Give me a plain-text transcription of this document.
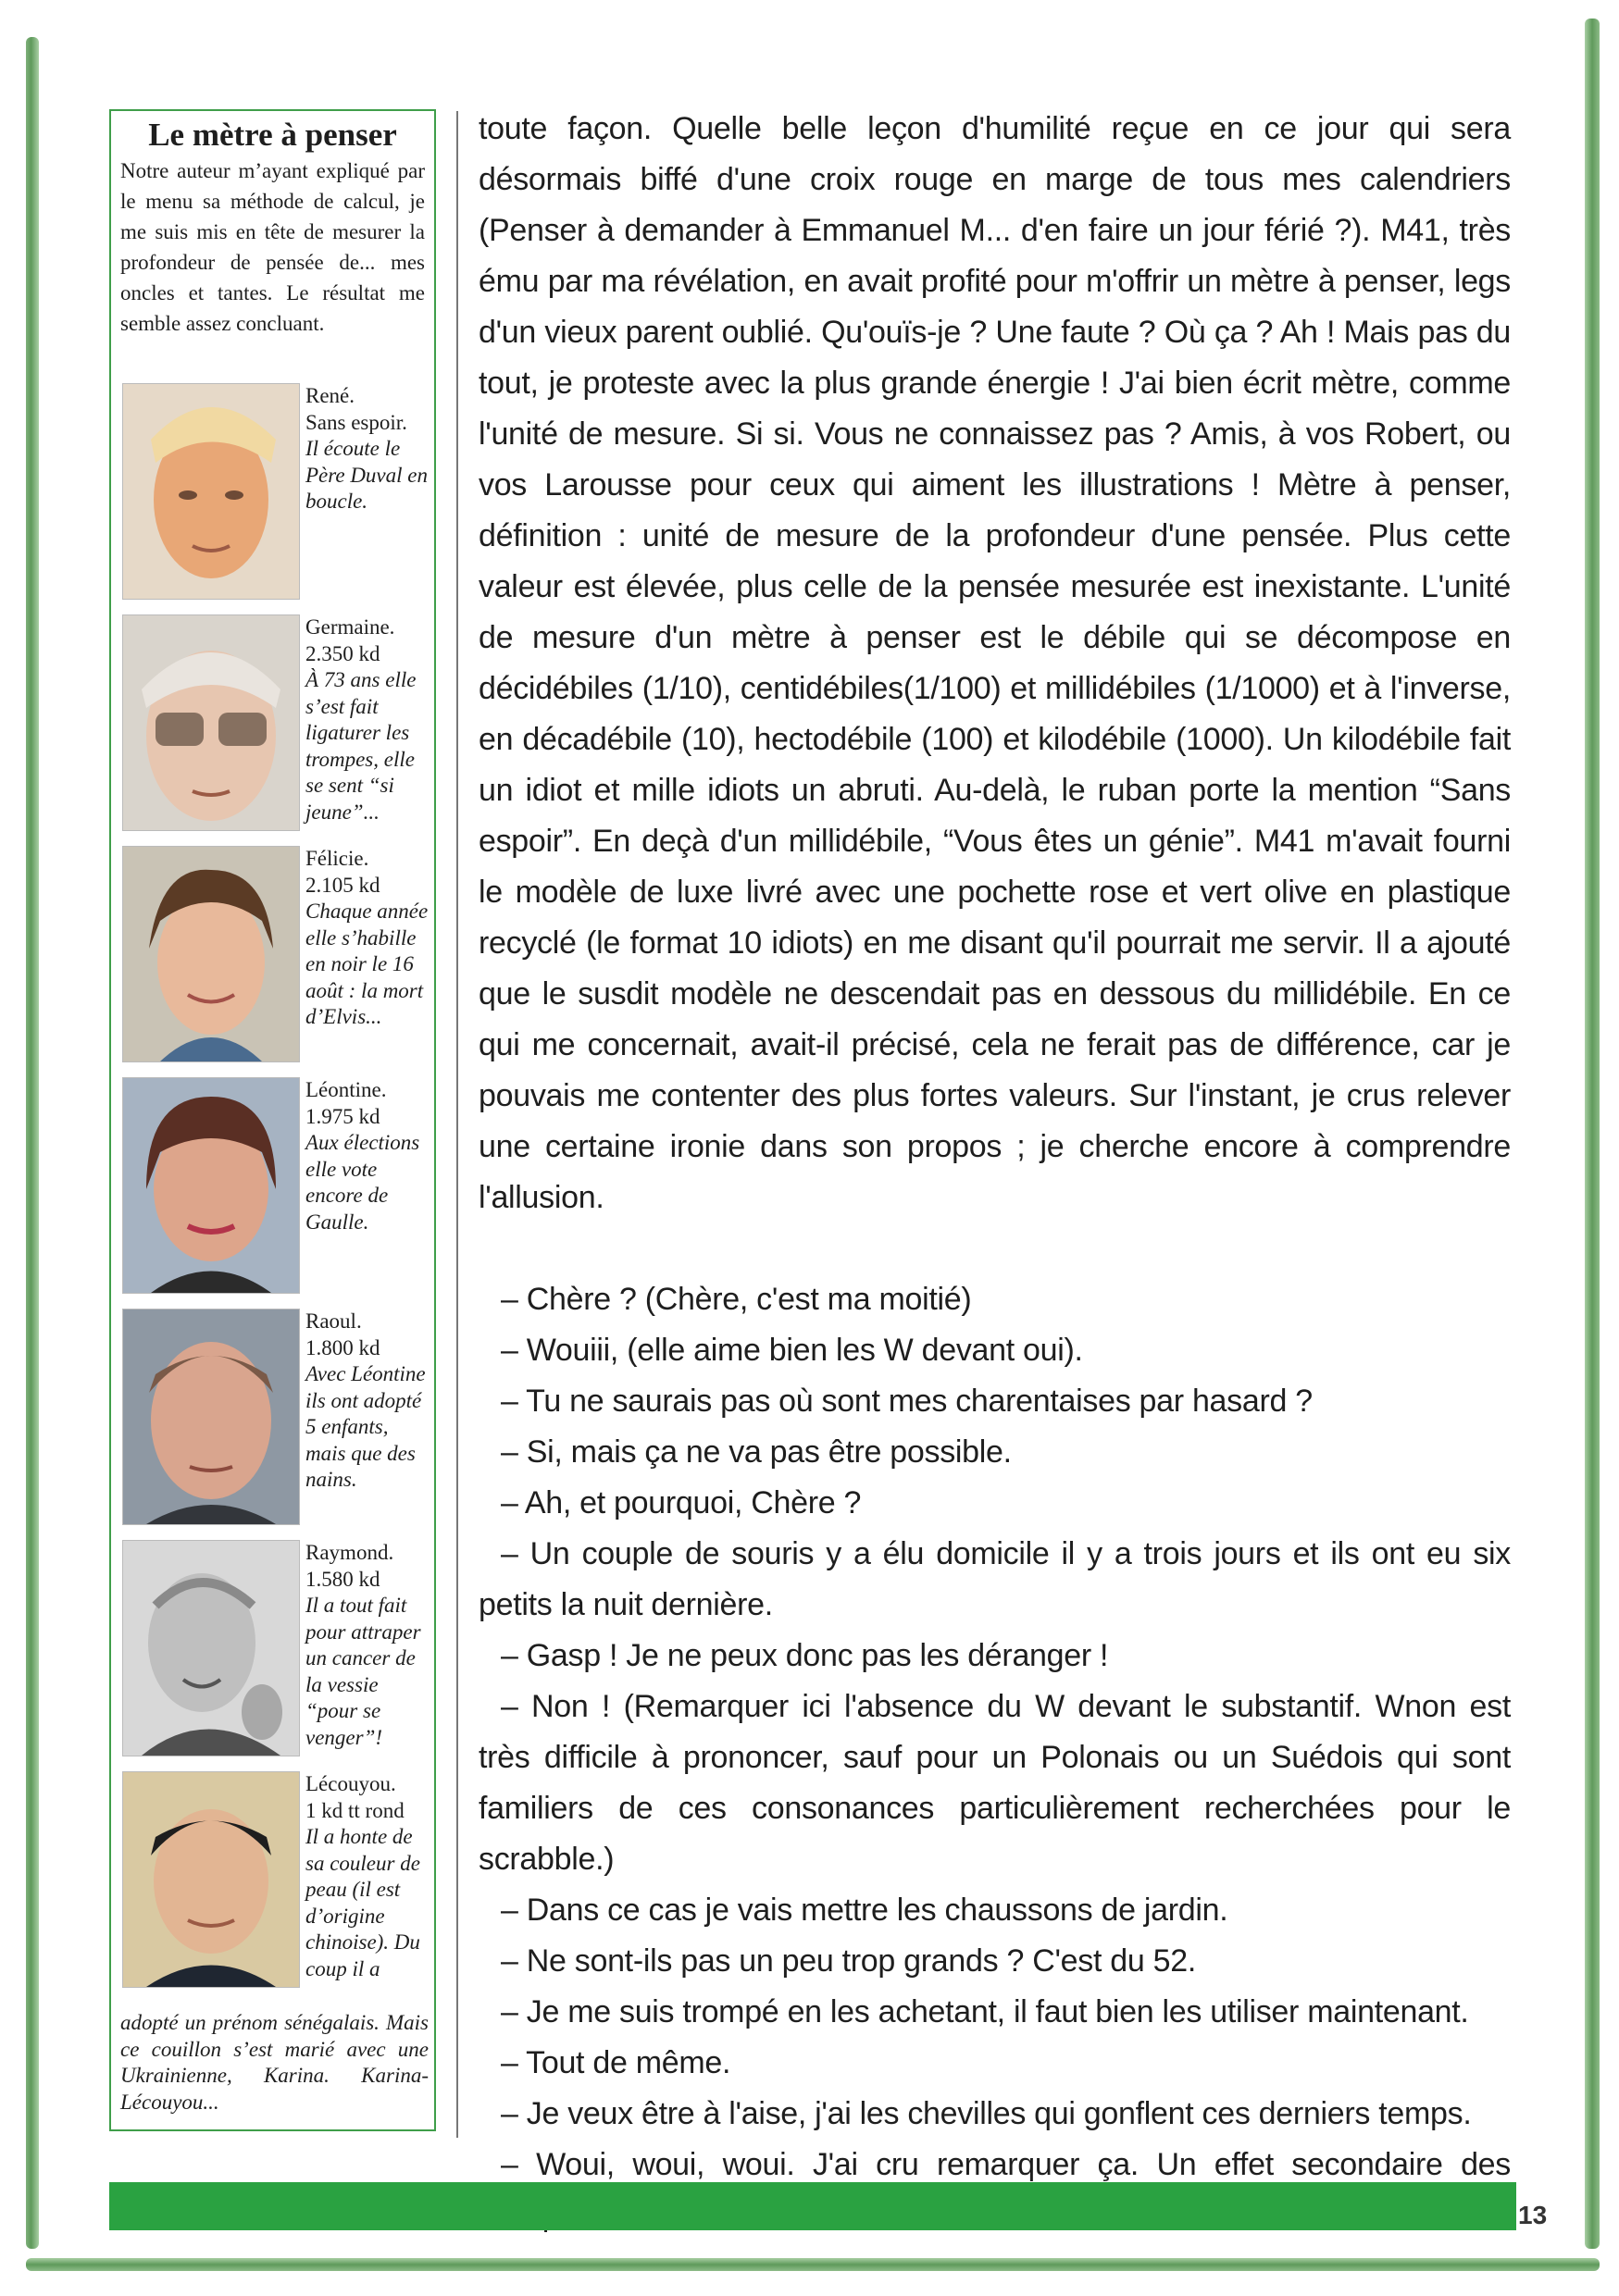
Le mètre à penser

Notre auteur m’ayant expliqué par le menu sa méthode de calcul, je me suis mis en tête de mesurer la profondeur de pensée de... mes oncles et tantes. Le résultat me semble assez concluant.

René.
Sans espoir.
Il écoute le Père Duval en boucle.
Germaine.
2.350 kd
À 73 ans elle s’est fait ligaturer les trompes, elle se sent “si jeune”...
Félicie.
2.105 kd
Chaque année elle s’habille en noir le 16 août : la mort d’Elvis...
Léontine.
1.975 kd
Aux élections elle vote encore de Gaulle.
Raoul.
1.800 kd
Avec Léontine ils ont adopté 5 enfants, mais que des nains.
Raymond.
1.580 kd
Il a tout fait pour attraper un cancer de la vessie “pour se venger”!
Lécouyou.
1 kd tt rond
Il a honte de sa couleur de peau (il est d’origine chinoise). Du coup il a
adopté un prénom sénégalais. Mais ce couillon s’est marié avec une Ukrainienne, Karina. Karina-Lécouyou...

toute façon. Quelle belle leçon d'humilité reçue en ce jour qui sera désormais biffé d'une croix rouge en marge de tous mes calendriers (Penser à demander à Emmanuel M... d'en faire un jour férié ?). M41, très ému par ma révélation, en avait profité pour m'offrir un mètre à penser, legs d'un vieux parent oublié. Qu'ouïs-je ? Une faute ? Où ça ? Ah ! Mais pas du tout, je proteste avec la plus grande énergie ! J'ai bien écrit mètre, comme l'unité de mesure. Si si. Vous ne connaissez pas ? Amis, à vos Robert, ou vos Larousse pour ceux qui aiment les illustrations ! Mètre à penser, définition : unité de mesure de la profondeur d'une pensée. Plus cette valeur est élevée, plus celle de la pensée mesurée est inexistante. L'unité de mesure d'un mètre à penser est le débile qui se décompose en décidébiles (1/10), centidébiles(1/100) et millidébiles (1/1000) et à l'inverse, en décadébile (10), hectodébile (100) et kilodébile (1000). Un kilodébile fait un idiot et mille idiots un abruti. Au-delà, le ruban porte la mention “Sans espoir”. En deçà d'un millidébile, “Vous êtes un génie”. M41 m'avait fourni le modèle de luxe livré avec une pochette rose et vert olive en plastique recyclé (le format 10 idiots) en me disant qu'il pourrait me servir. Il a ajouté que le susdit modèle ne descendait pas en dessous du millidébile. En ce qui me concernait, avait-il précisé, cela ne ferait pas de différence, car je pouvais me contenter des plus fortes valeurs. Sur l'instant, je crus relever une certaine ironie dans son propos ; je cherche encore à comprendre l'allusion.

– Chère ? (Chère, c'est ma moitié)

– Wouiii, (elle aime bien les W devant oui).

– Tu ne saurais pas où sont mes charentaises par hasard ?

– Si, mais ça ne va pas être possible.

– Ah, et pourquoi, Chère ?

– Un couple de souris y a élu domicile il y a trois jours et ils ont eu six petits la nuit dernière.

– Gasp ! Je ne peux donc pas les déranger !

– Non ! (Remarquer ici l'absence du W devant le substantif. Wnon est très difficile à prononcer, sauf pour un Polonais ou un Suédois qui sont familiers de ces consonances particulièrement recherchées pour le scrabble.)

– Dans ce cas je vais mettre les chaussons de jardin.

– Ne sont-ils pas un peu trop grands ? C'est du 52.

– Je me suis trompé en les achetant, il faut bien les utiliser maintenant.

– Tout de même.

– Je veux être à l'aise, j'ai les chevilles qui gonflent ces derniers temps.

– Woui, woui, woui. J'ai cru remarquer ça. Un effet secondaire des

13
